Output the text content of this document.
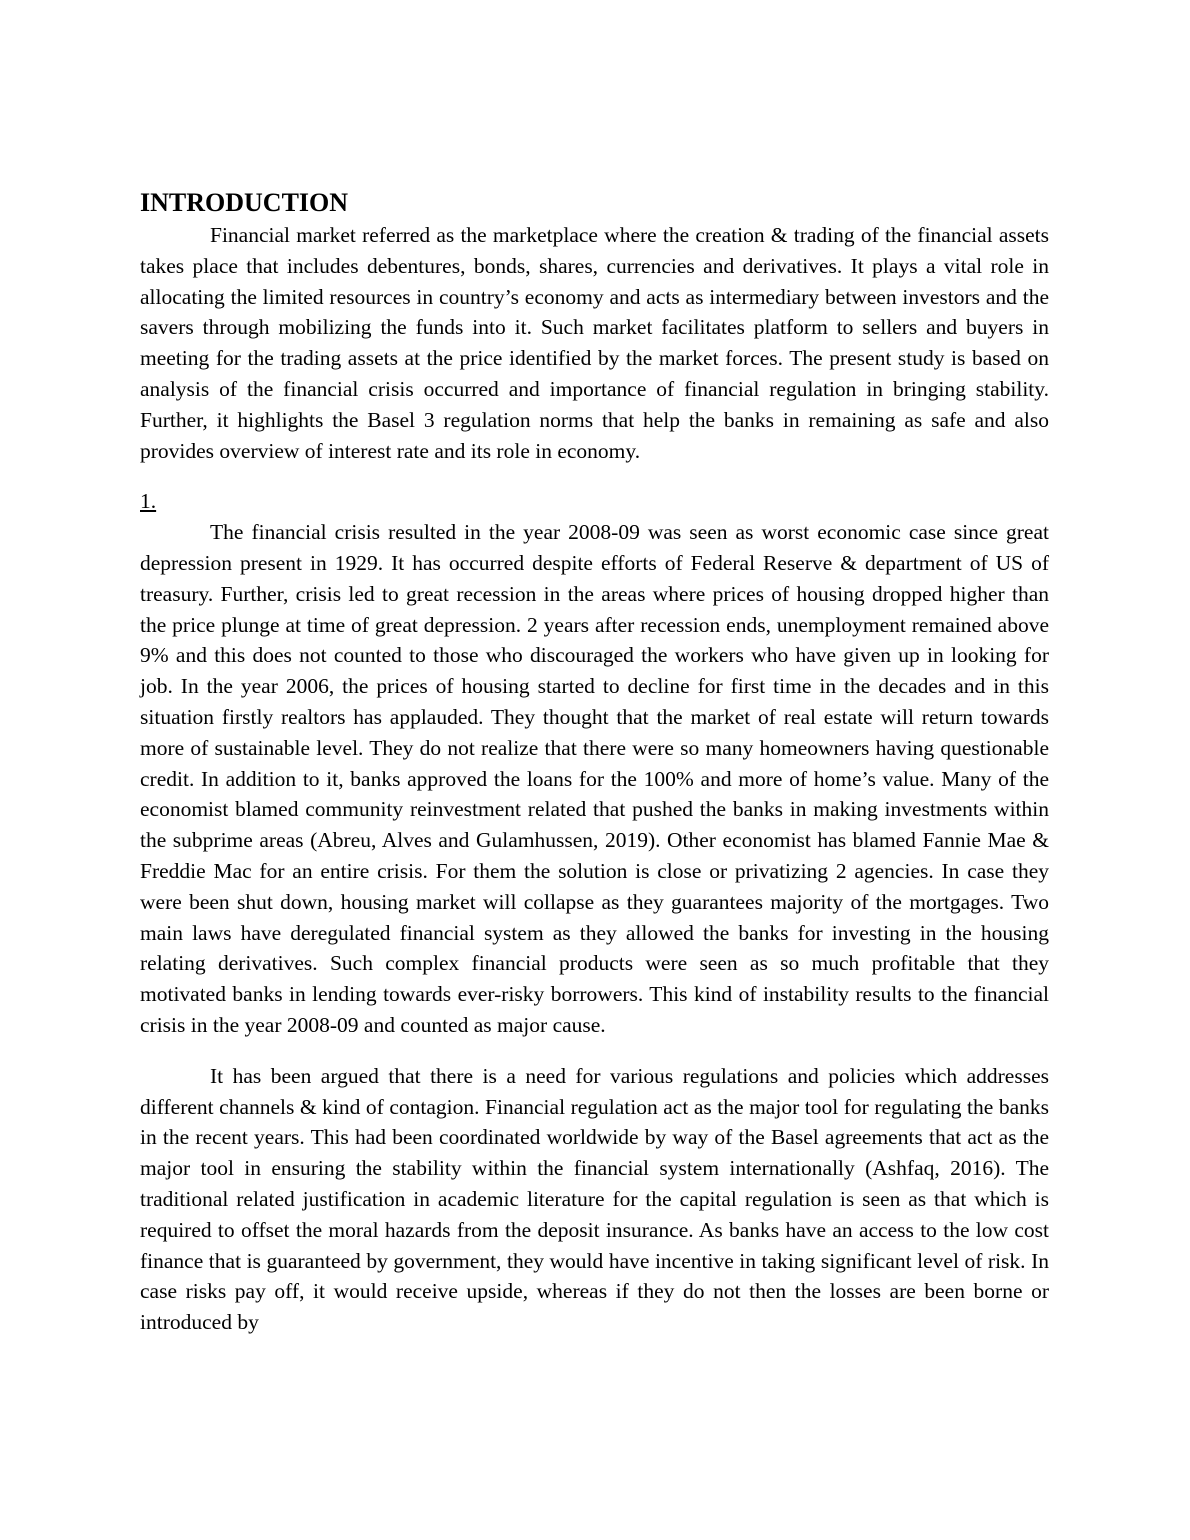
INTRODUCTION

Financial market referred as the marketplace where the creation & trading of the financial assets takes place that includes debentures, bonds, shares, currencies and derivatives. It plays a vital role in allocating the limited resources in country’s economy and acts as intermediary between investors and the savers through mobilizing the funds into it. Such market facilitates platform to sellers and buyers in meeting for the trading assets at the price identified by the market forces. The present study is based on analysis of the financial crisis occurred and importance of financial regulation in bringing stability. Further, it highlights the Basel 3 regulation norms that help the banks in remaining as safe and also provides overview of interest rate and its role in economy.

1.

The financial crisis resulted in the year 2008-09 was seen as worst economic case since great depression present in 1929. It has occurred despite efforts of Federal Reserve & department of US of treasury. Further, crisis led to great recession in the areas where prices of housing dropped higher than the price plunge at time of great depression. 2 years after recession ends, unemployment remained above 9% and this does not counted to those who discouraged the workers who have given up in looking for job. In the year 2006, the prices of housing started to decline for first time in the decades and in this situation firstly realtors has applauded. They thought that the market of real estate will return towards more of sustainable level. They do not realize that there were so many homeowners having questionable credit. In addition to it, banks approved the loans for the 100% and more of home’s value. Many of the economist blamed community reinvestment related that pushed the banks in making investments within the subprime areas (Abreu, Alves and Gulamhussen, 2019). Other economist has blamed Fannie Mae & Freddie Mac for an entire crisis. For them the solution is close or privatizing 2 agencies. In case they were been shut down, housing market will collapse as they guarantees majority of the mortgages. Two main laws have deregulated financial system as they allowed the banks for investing in the housing relating derivatives. Such complex financial products were seen as so much profitable that they motivated banks in lending towards ever-risky borrowers. This kind of instability results to the financial crisis in the year 2008-09 and counted as major cause.

It has been argued that there is a need for various regulations and policies which addresses different channels & kind of contagion. Financial regulation act as the major tool for regulating the banks in the recent years. This had been coordinated worldwide by way of the Basel agreements that act as the major tool in ensuring the stability within the financial system internationally (Ashfaq, 2016). The traditional related justification in academic literature for the capital regulation is seen as that which is required to offset the moral hazards from the deposit insurance. As banks have an access to the low cost finance that is guaranteed by government, they would have incentive in taking significant level of risk. In case risks pay off, it would receive upside, whereas if they do not then the losses are been borne or introduced by
